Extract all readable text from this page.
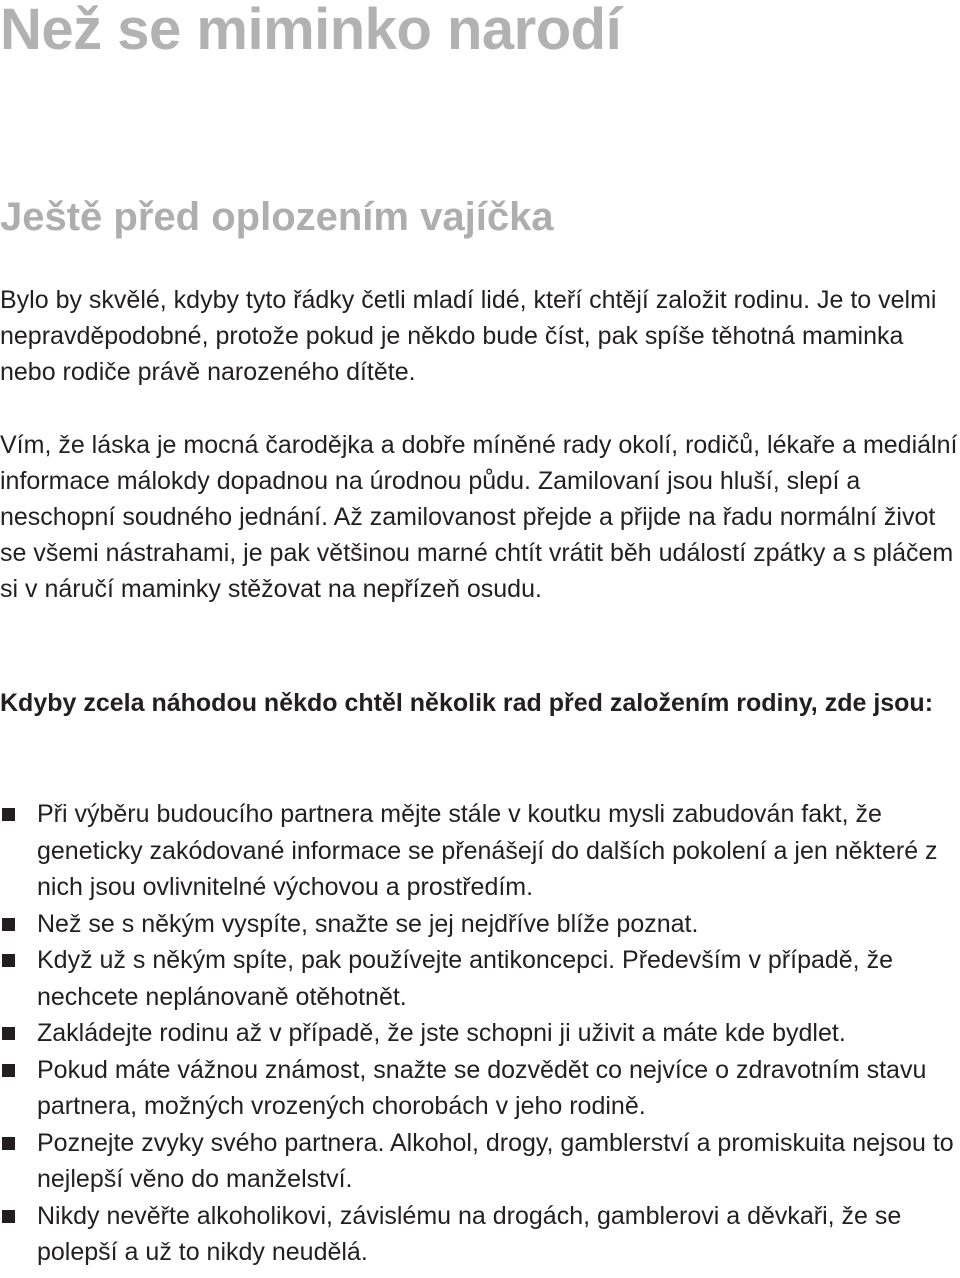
Než se miminko narodí
Ještě před oplozením vajíčka

Bylo by skvělé, kdyby tyto řádky četli mladí lidé, kteří chtějí založit rodinu. Je to velmi nepravděpodobné, protože pokud je někdo bude číst, pak spíše těhotná maminka nebo rodiče právě narozeného dítěte.

Vím, že láska je mocná čarodějka a dobře míněné rady okolí, rodičů, lékaře a mediální informace málokdy dopadnou na úrodnou půdu. Zamilovaní jsou hluší, slepí a neschopní soudného jednání. Až zamilovanost přejde a přijde na řadu normální život se všemi nástrahami, je pak většinou marné chtít vrátit běh událostí zpátky a s pláčem si v náručí maminky stěžovat na nepřízeň osudu.

Kdyby zcela náhodou někdo chtěl několik rad před založením rodiny, zde jsou:

Při výběru budoucího partnera mějte stále v koutku mysli zabudován fakt, že geneticky zakódované informace se přenášejí do dalších pokolení a jen některé z nich jsou ovlivnitelné výchovou a prostředím.
Než se s někým vyspíte, snažte se jej nejdříve blíže poznat.
Když už s někým spíte, pak používejte antikoncepci. Především v případě, že nechcete neplánovaně otěhotnět.
Zakládejte rodinu až v případě, že jste schopni ji uživit a máte kde bydlet.
Pokud máte vážnou známost, snažte se dozvědět co nejvíce o zdravotním stavu partnera, možných vrozených chorobách v jeho rodině.
Poznejte zvyky svého partnera. Alkohol, drogy, gamblerství a promiskuita nejsou to nejlepší věno do manželství.
Nikdy nevěřte alkoholikovi, závislému na drogách, gamblerovi a děvkaři, že se polepší a už to nikdy neudělá.
